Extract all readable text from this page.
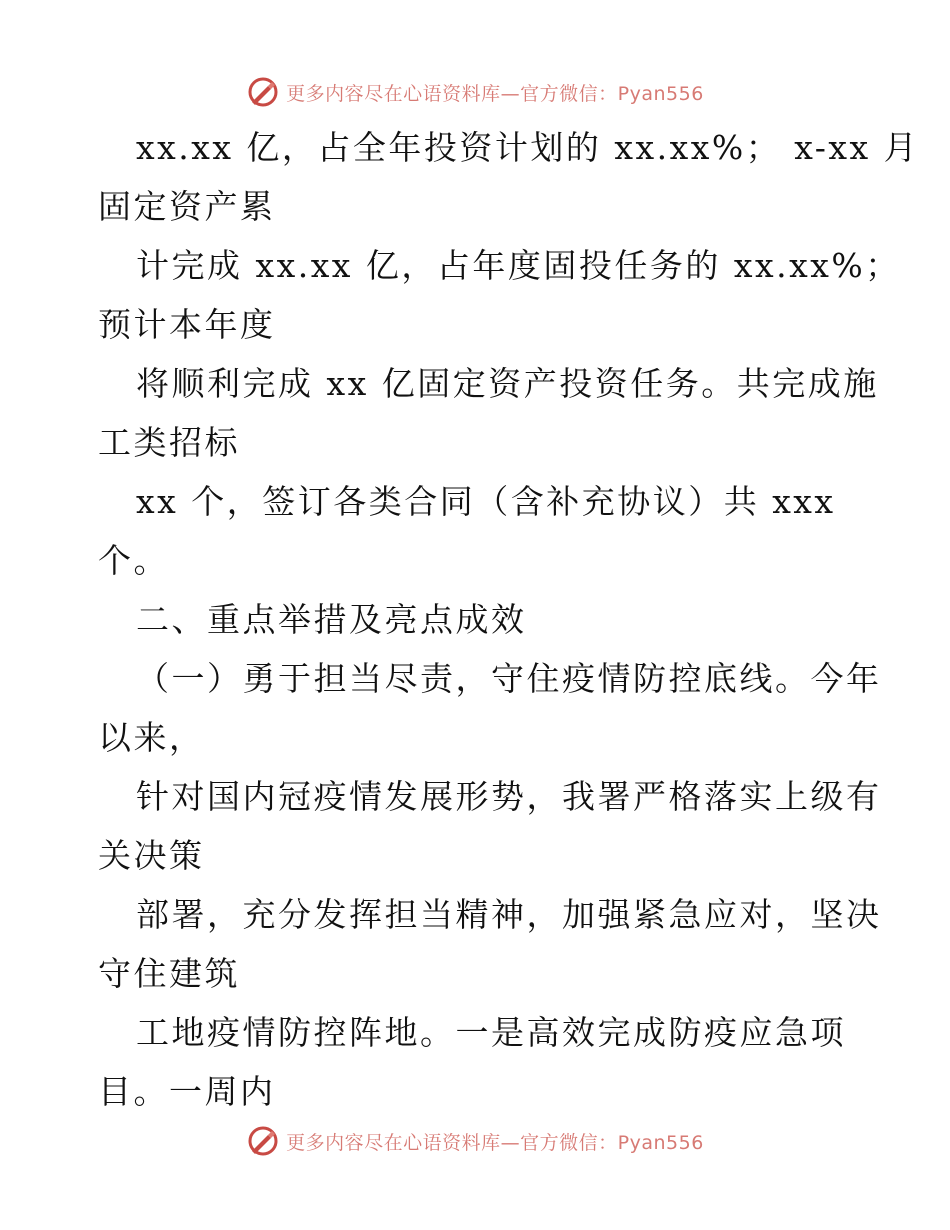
更多内容尽在心语资料库—官方微信：Pyan556
xx.xx 亿，占全年投资计划的 xx.xx%； x-xx 月
固定资产累
计完成 xx.xx 亿，占年度固投任务的 xx.xx%；
预计本年度
将顺利完成 xx 亿固定资产投资任务。共完成施
工类招标
xx 个，签订各类合同（含补充协议）共 xxx
个。
二、重点举措及亮点成效
（一）勇于担当尽责，守住疫情防控底线。今年
以来，
针对国内冠疫情发展形势，我署严格落实上级有
关决策
部署，充分发挥担当精神，加强紧急应对，坚决
守住建筑
工地疫情防控阵地。一是高效完成防疫应急项
目。一周内
更多内容尽在心语资料库—官方微信：Pyan556
